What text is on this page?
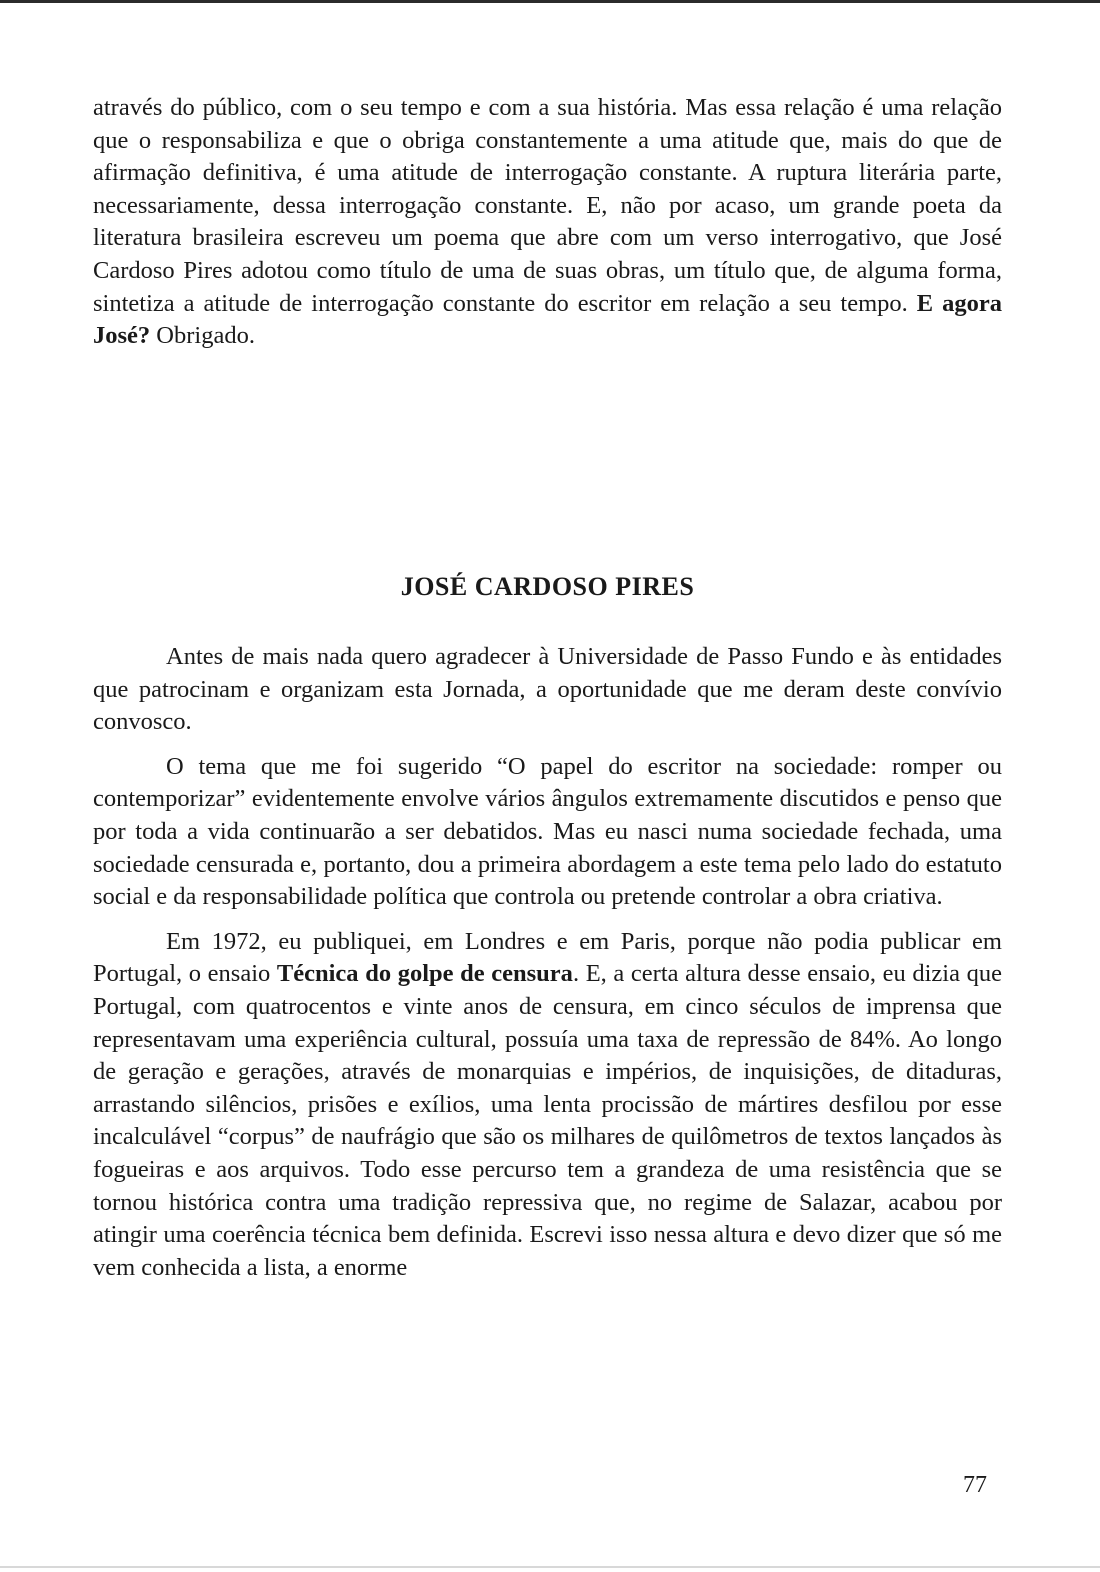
através do público, com o seu tempo e com a sua história. Mas essa relação é uma relação que o responsabiliza e que o obriga constantemente a uma atitude que, mais do que de afirmação definitiva, é uma atitude de interrogação constante. A ruptura literária parte, necessariamente, dessa interrogação constante. E, não por acaso, um grande poeta da literatura brasileira escreveu um poema que abre com um verso interrogativo, que José Cardoso Pires adotou como título de uma de suas obras, um título que, de alguma forma, sintetiza a atitude de interrogação constante do escritor em relação a seu tempo. E agora José? Obrigado.

JOSÉ CARDOSO PIRES

Antes de mais nada quero agradecer à Universidade de Passo Fundo e às entidades que patrocinam e organizam esta Jornada, a oportunidade que me deram deste convívio convosco.

O tema que me foi sugerido “O papel do escritor na sociedade: romper ou contemporizar” evidentemente envolve vários ângulos extremamente discutidos e penso que por toda a vida continuarão a ser debatidos. Mas eu nasci numa sociedade fechada, uma sociedade censurada e, portanto, dou a primeira abordagem a este tema pelo lado do estatuto social e da responsabilidade política que controla ou pretende controlar a obra criativa.

Em 1972, eu publiquei, em Londres e em Paris, porque não podia publicar em Portugal, o ensaio Técnica do golpe de censura. E, a certa altura desse ensaio, eu dizia que Portugal, com quatrocentos e vinte anos de censura, em cinco séculos de imprensa que representavam uma experiência cultural, possuía uma taxa de repressão de 84%. Ao longo de geração e gerações, através de monarquias e impérios, de inquisições, de ditaduras, arrastando silêncios, prisões e exílios, uma lenta procissão de mártires desfilou por esse incalculável “corpus” de naufrágio que são os milhares de quilômetros de textos lançados às fogueiras e aos arquivos. Todo esse percurso tem a grandeza de uma resistência que se tornou histórica contra uma tradição repressiva que, no regime de Salazar, acabou por atingir uma coerência técnica bem definida. Escrevi isso nessa altura e devo dizer que só me vem conhecida a lista, a enorme

77
